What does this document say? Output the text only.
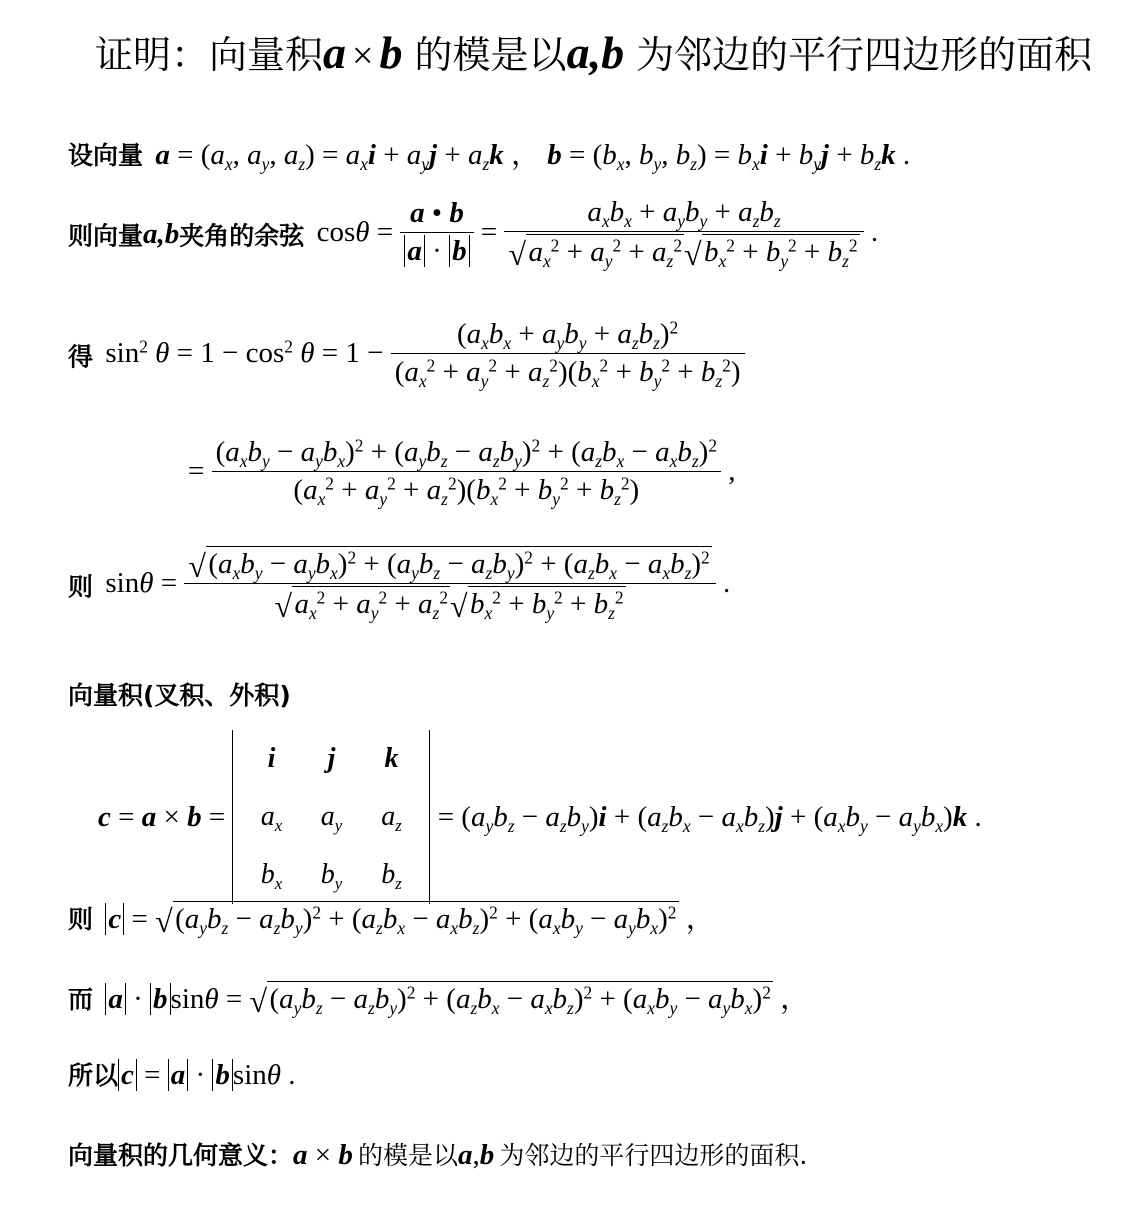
证明：向量积a × b 的模是以a,b 为邻边的平行四边形的面积
设向量 $a = (a_x$, $a_y$, $a_z) = a_xi + a_yj + a_zk$ ， $b = (b_x$, $b_y$, $b_z) = b_xi + b_yj + b_zk$ .
则向量a,b夹角的余弦 $\cos\theta = \frac{a • b}{a \cdot b} = \frac{a_xb_x + a_yb_y + a_zb_z}{√ a_x^2 + a_y^2 + a_z^2 √ b_x^2 + b_y^2 + b_z^2}$ .
得 $\sin^2 \theta = 1 - \cos^2 \theta = 1 - \frac{(a_xb_x + a_yb_y + a_zb_z)^2}{(a_x^2 + a_y^2 + a_z^2)(b_x^2 + b_y^2 + b_z^2)}$
= $\frac{(a_xb_y - a_yb_x)^2 + (a_yb_z - a_zb_y)^2 + (a_zb_x - a_xb_z)^2}{(a_x^2 + a_y^2 + a_z^2)(b_x^2 + b_y^2 + b_z^2)}$ ,
则 $\sin\theta = \frac{√ (a_xb_y - a_yb_x)^2 + (a_yb_z - a_zb_y)^2 + (a_zb_x - a_xb_z)^2}{√ a_x^2 + a_y^2 + a_z^2 √ b_x^2 + b_y^2 + b_z^2}$ .
向量积(叉积、外积)
c = a × b =
i	j	k
$a_x$	$a_y$	$a_z$
$b_x$	$b_y$	$b_z$
= $(a_yb_z - a_zb_y)i + (a_zb_x - a_xb_z)j + (a_xb_y - a_yb_x)k$ .
则 c = √ $(a_yb_z - a_zb_y)^2 + (a_zb_x - a_xb_z)^2 + (a_xb_y - a_yb_x)^2$ ，
而 a · b sinθ = √ $(a_yb_z - a_zb_y)^2 + (a_zb_x - a_xb_z)^2 + (a_xb_y - a_yb_x)^2$ ，
所以 c = a · b sinθ .
向量积的几何意义：a × b 的模是以a,b 为邻边的平行四边形的面积.
